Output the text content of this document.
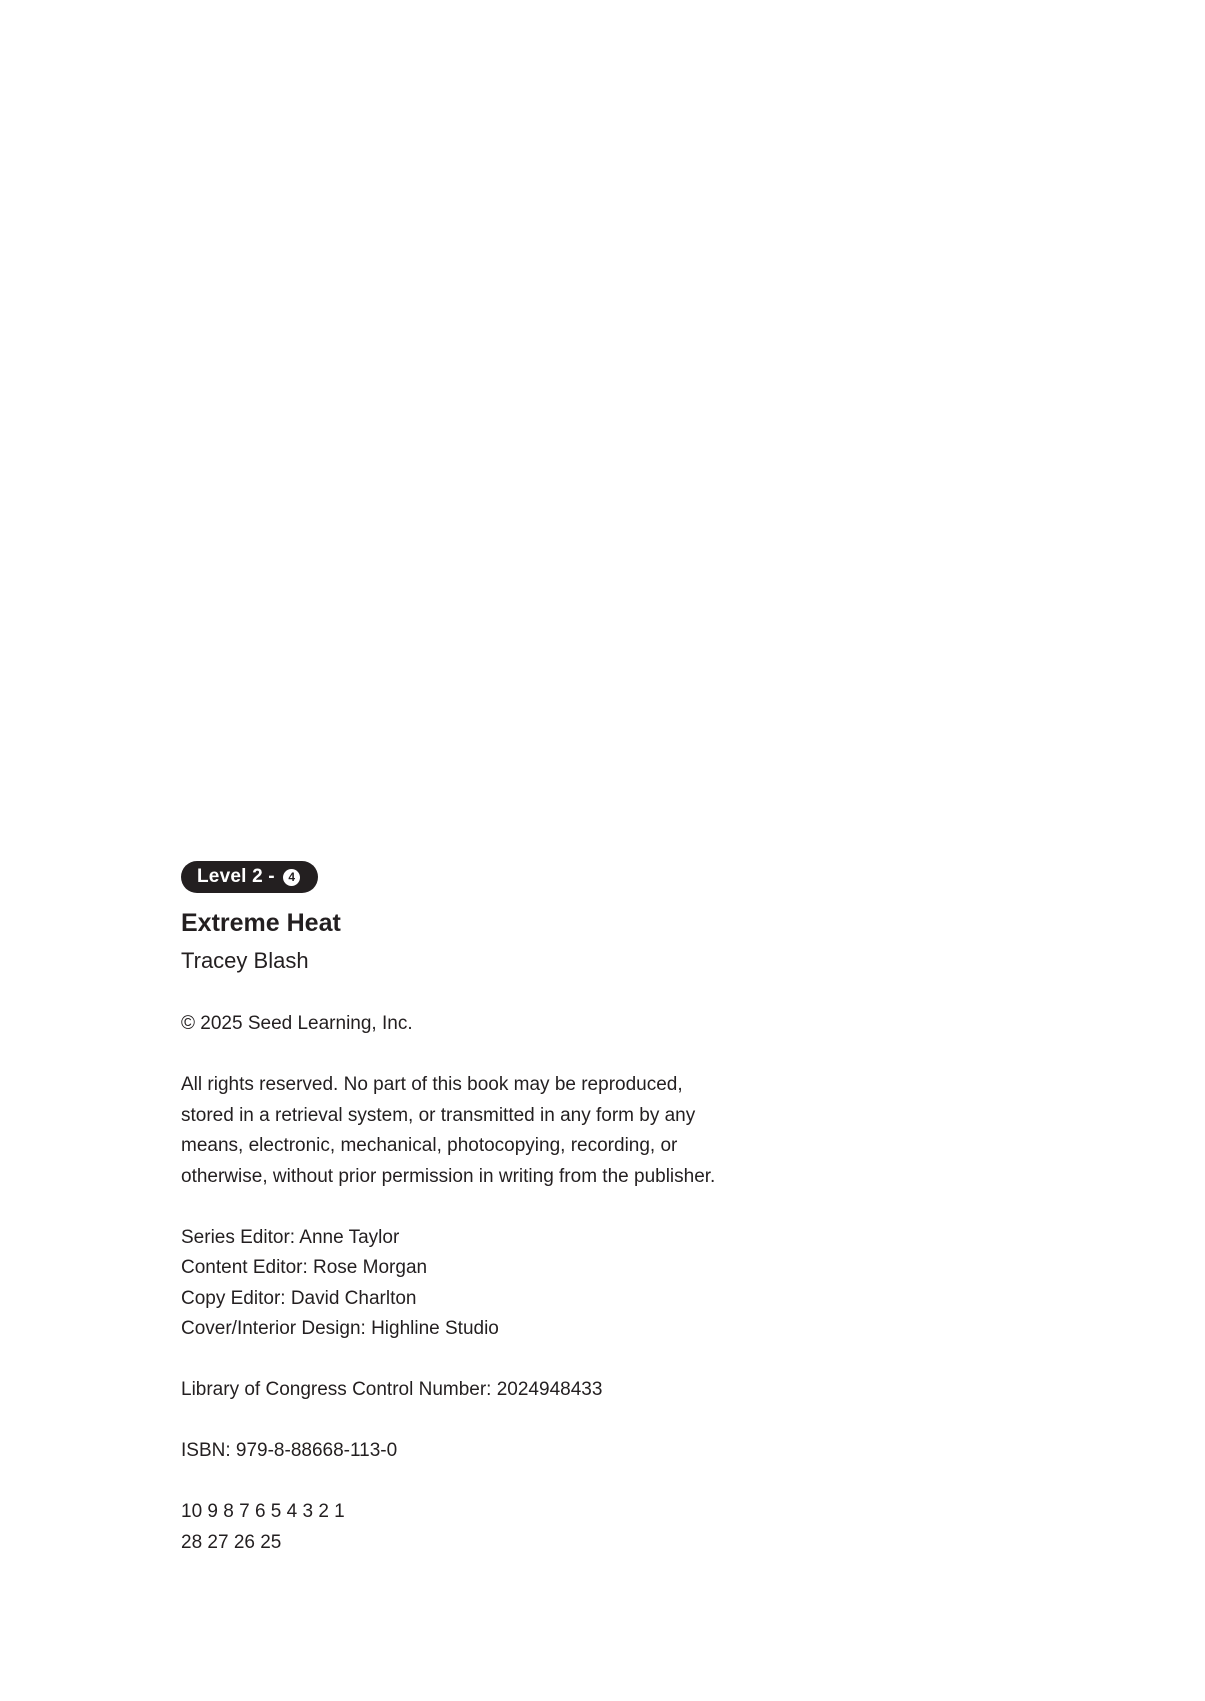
Level 2 - 4
Extreme Heat
Tracey Blash

© 2025 Seed Learning, Inc.

All rights reserved. No part of this book may be reproduced,
stored in a retrieval system, or transmitted in any form by any
means, electronic, mechanical, photocopying, recording, or
otherwise, without prior permission in writing from the publisher.

Series Editor: Anne Taylor
Content Editor: Rose Morgan
Copy Editor: David Charlton
Cover/Interior Design: Highline Studio

Library of Congress Control Number: 2024948433

ISBN: 979-8-88668-113-0

10 9 8 7 6 5 4 3 2 1
28 27 26 25
